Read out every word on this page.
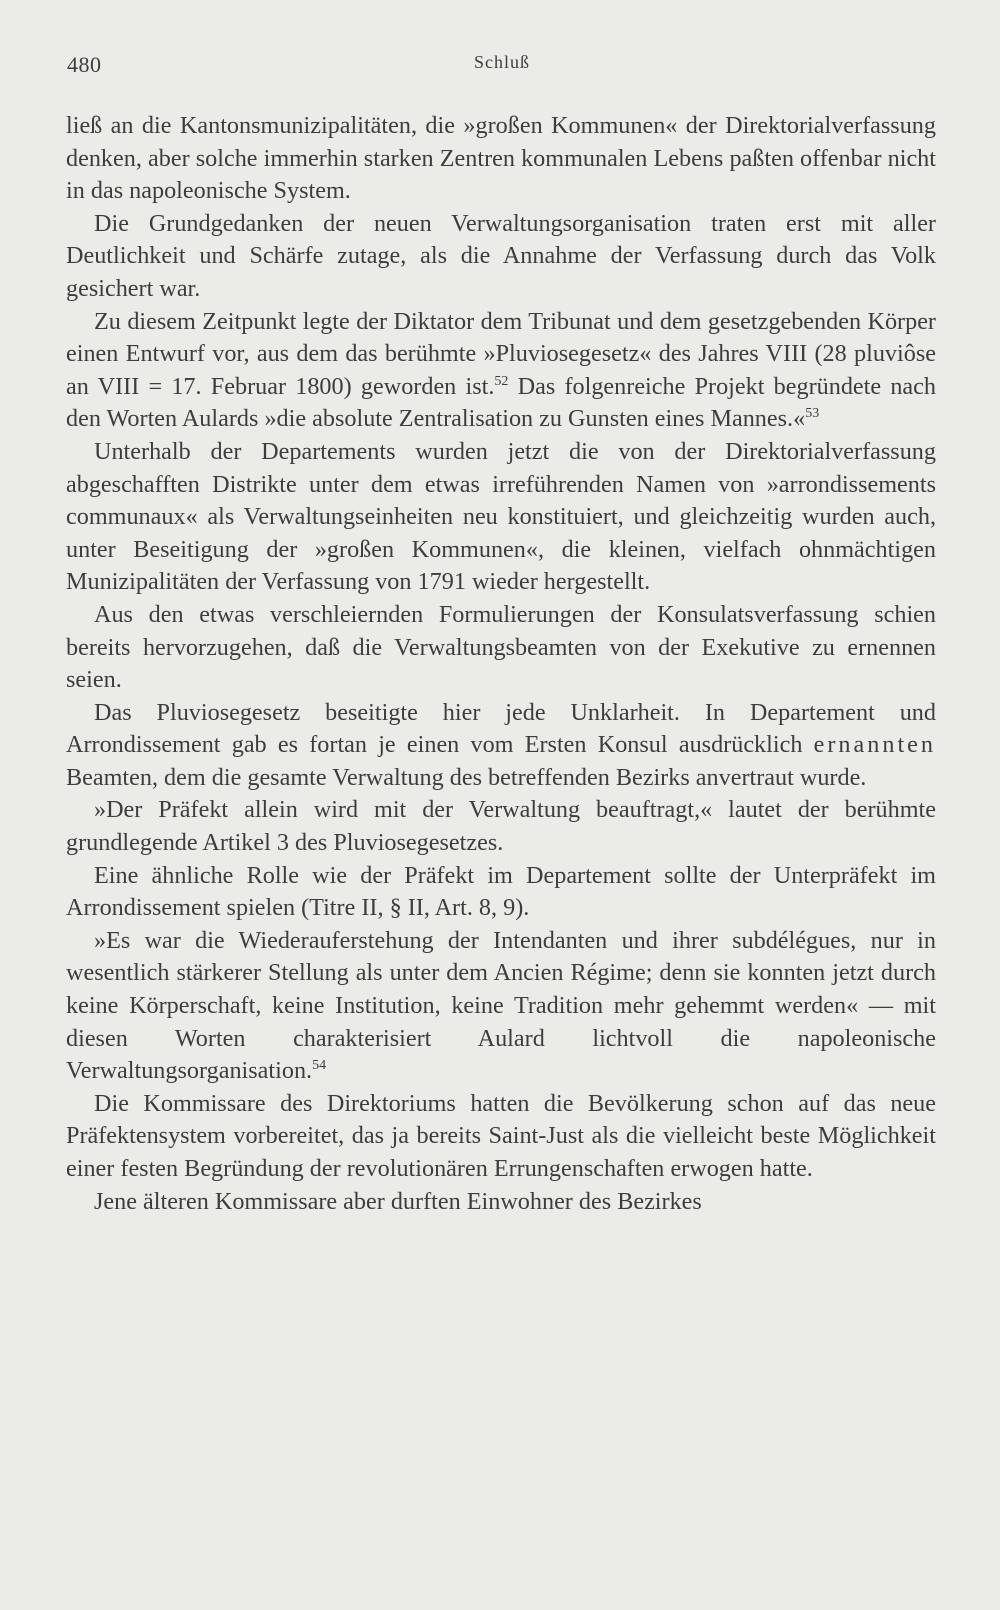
480	Schluß

ließ an die Kantonsmunizipalitäten, die »großen Kommunen« der Direktorialverfassung denken, aber solche immerhin starken Zentren kommunalen Lebens paßten offenbar nicht in das napoleonische System.

Die Grundgedanken der neuen Verwaltungsorganisation traten erst mit aller Deutlichkeit und Schärfe zutage, als die Annahme der Verfassung durch das Volk gesichert war.

Zu diesem Zeitpunkt legte der Diktator dem Tribunat und dem gesetzgebenden Körper einen Entwurf vor, aus dem das berühmte »Pluviosegesetz« des Jahres VIII (28 pluviôse an VIII = 17. Februar 1800) geworden ist.$^{52}$ Das folgenreiche Projekt begründete nach den Worten Aulards »die absolute Zentralisation zu Gunsten eines Mannes.«$^{53}$

Unterhalb der Departements wurden jetzt die von der Direktorialverfassung abgeschafften Distrikte unter dem etwas irreführenden Namen von »arrondissements communaux« als Verwaltungseinheiten neu konstituiert, und gleichzeitig wurden auch, unter Beseitigung der »großen Kommunen«, die kleinen, vielfach ohnmächtigen Munizipalitäten der Verfassung von 1791 wieder hergestellt.

Aus den etwas verschleiernden Formulierungen der Konsulatsverfassung schien bereits hervorzugehen, daß die Verwaltungsbeamten von der Exekutive zu ernennen seien.

Das Pluviosegesetz beseitigte hier jede Unklarheit. In Departement und Arrondissement gab es fortan je einen vom Ersten Konsul ausdrücklich ernannten Beamten, dem die gesamte Verwaltung des betreffenden Bezirks anvertraut wurde.

»Der Präfekt allein wird mit der Verwaltung beauftragt,« lautet der berühmte grundlegende Artikel 3 des Pluviosegesetzes.

Eine ähnliche Rolle wie der Präfekt im Departement sollte der Unterpräfekt im Arrondissement spielen (Titre II, § II, Art. 8, 9).

»Es war die Wiederauferstehung der Intendanten und ihrer subdélégues, nur in wesentlich stärkerer Stellung als unter dem Ancien Régime; denn sie konnten jetzt durch keine Körperschaft, keine Institution, keine Tradition mehr gehemmt werden« — mit diesen Worten charakterisiert Aulard lichtvoll die napoleonische Verwaltungsorganisation.$^{54}$

Die Kommissare des Direktoriums hatten die Bevölkerung schon auf das neue Präfektensystem vorbereitet, das ja bereits Saint-Just als die vielleicht beste Möglichkeit einer festen Begründung der revolutionären Errungenschaften erwogen hatte.

Jene älteren Kommissare aber durften Einwohner des Bezirkes
